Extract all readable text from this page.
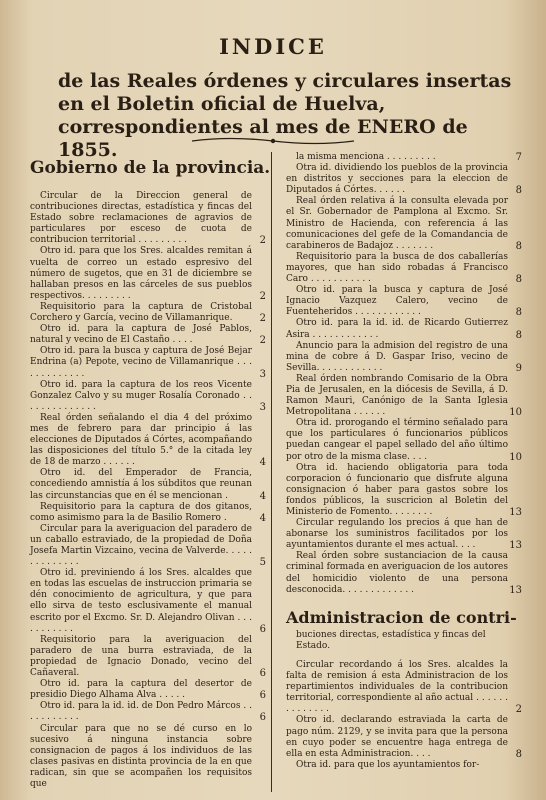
INDICE
de las Reales órdenes y circulares insertas en el Boletin oficial de Huelva, correspondientes al mes de ENERO de 1855.
Gobierno de la provincia.
Circular de la Direccion general de contribuciones directas, estadística y fincas del Estado sobre reclamaciones de agravios de particulares por esceso de cuota de contribucion territorial . . . . . . . . .	2
Otro id. para que los Sres. alcaldes remitan á vuelta de correo un estado espresivo del número de sugetos, que en 31 de diciembre se hallaban presos en las cárceles de sus pueblos respectivos. . . . . . . . .	2
Requisitorio para la captura de Cristobal Corchero y García, vecino de Villamanrique.	2
Otro id. para la captura de José Pablos, natural y vecino de El Castaño . . . .	2
Otro id. para la busca y captura de José Bejar Endrina (a) Pepote, vecino de Villamanrique . . . . . . . . . . . . .	3
Otro id. para la captura de los reos Vicente Gonzalez Calvo y su muger Rosalía Coronado . . . . . . . . . . . . . .	3
Real órden señalando el dia 4 del próximo mes de febrero para dar principio á las elecciones de Diputados á Córtes, acompañando las disposiciones del título 5.° de la citada ley de 18 de marzo . . . . . .	4
Otro id. del Emperador de Francia, concediendo amnistía á los súbditos que reunan las circunstancias que en él se mencionan .	4
Requisitorio para la captura de dos gitanos, como asimismo para la de Basilio Romero .	4
Circular para la averiguacion del paradero de un caballo estraviado, de la propiedad de Doña Josefa Martin Vizcaino, vecina de Valverde. . . . . . . . . . . . . .	5
Otro id. previniendo á los Sres. alcaldes que en todas las escuelas de instruccion primaria se dén conocimiento de agricultura, y que para ello sirva de testo esclusivamente el manual escrito por el Excmo. Sr. D. Alejandro Olivan . . . . . . . . . . .	6
Requisitorio para la averiguacion del paradero de una burra estraviada, de la propiedad de Ignacio Donado, vecino del Cañaveral.	6
Otro id. para la captura del desertor de presidio Diego Alhama Alva . . . . .	6
Otro id. para la id. id. de Don Pedro Márcos . . . . . . . . . . .	6
Circular para que no se dé curso en lo sucesivo á ninguna instancia sobre consignacion de pagos á los individuos de las clases pasivas en distinta provincia de la en que radican, sin que se acompañen los requisitos que
la misma menciona . . . . . . . . .	7
Otra id. dividiendo los pueblos de la provincia en distritos y secciones para la eleccion de Diputados á Córtes. . . . . .	8
Real órden relativa á la consulta elevada por el Sr. Gobernador de Pamplona al Excmo. Sr. Ministro de Hacienda, con referencia á las comunicaciones del gefe de la Comandancia de carabineros de Badajoz . . . . . . .	8
Requisitorio para la busca de dos caballerías mayores, que han sido robadas á Francisco Caro . . . . . . . . . . .	8
Otro id. para la busca y captura de José Ignacio Vazquez Calero, vecino de Fuenteheridos . . . . . . . . . . . .	8
Otro id. para la id. id. de Ricardo Gutierrez Asira . . . . . . . . . . . .	8
Anuncio para la admision del registro de una mina de cobre á D. Gaspar Iriso, vecino de Sevilla. . . . . . . . . . . .	9
Real órden nombrando Comisario de la Obra Pia de Jerusalen, en la diócesis de Sevilla, á D. Ramon Mauri, Canónigo de la Santa Iglesia Metropolitana . . . . . .	10
Otra id. prorogando el término señalado para que los particulares ó funcionarios públicos puedan cangear el papel sellado del año último por otro de la misma clase. . . .	10
Otra id. haciendo obligatoria para toda corporacion ó funcionario que disfrute alguna consignacion ó haber para gastos sobre los fondos públicos, la suscricion al Boletin del Ministerio de Fomento. . . . . . . .	13
Circular regulando los precios á que han de abonarse los suministros facilitados por los ayuntamientos durante el mes actual. . . .	13
Real órden sobre sustanciacion de la causa criminal formada en averiguacion de los autores del homicidio violento de una persona desconocida. . . . . . . . . . . . .	13
Administracion de contri-
buciones directas, estadística y fincas del Estado.
Circular recordando á los Sres. alcaldes la falta de remision á esta Administracion de los repartimientos individuales de la contribucion territorial, correspondiente al año actual . . . . . . . . . . . . . .	2
Otro id. declarando estraviada la carta de pago núm. 2129, y se invita para que la persona en cuyo poder se encuentre haga entrega de ella en esta Administracion. . . .	8
Otra id. para que los ayuntamientos for-
